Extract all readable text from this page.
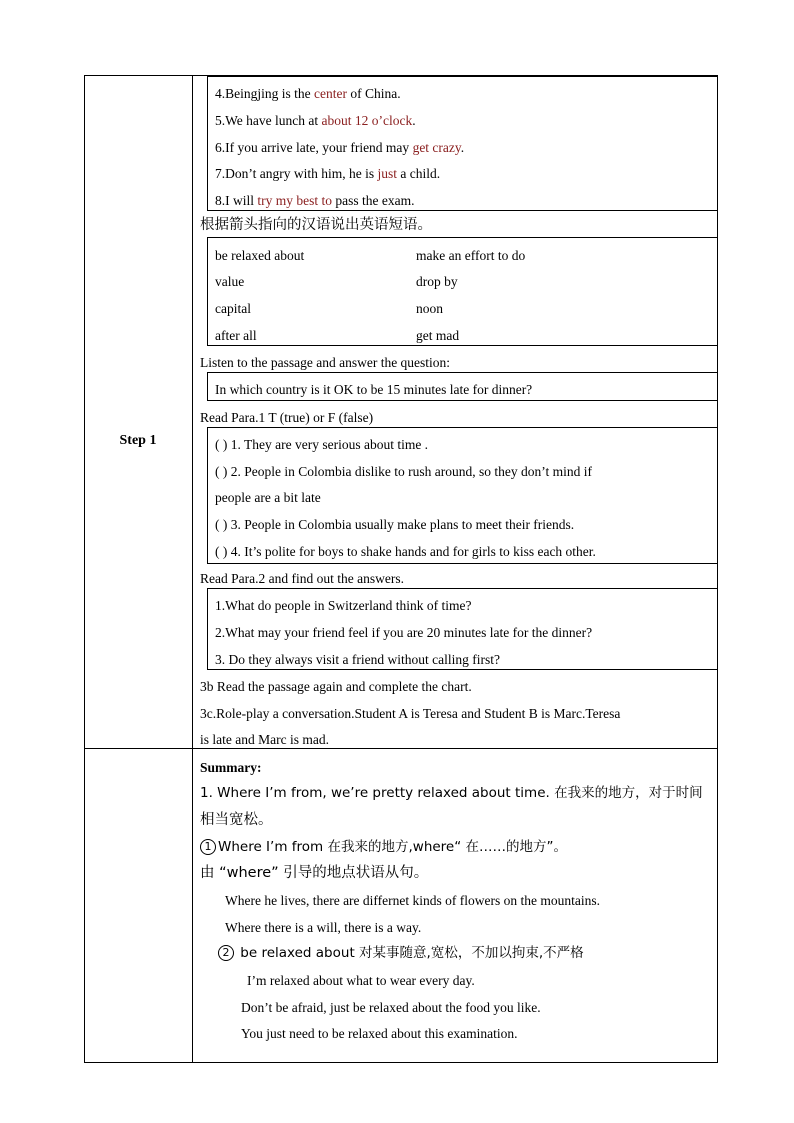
Step 1
4.Beingjing is the center of China.
5.We have lunch at about 12 o’clock.
6.If you arrive late, your friend may get crazy.
7.Don’t angry with him, he is just a child.
8.I will try my best to pass the exam.
根据箭头指向的汉语说出英语短语。
be relaxed about	make an effort to do
value	drop by
capital	noon
after all	get mad
Listen to the passage and answer the question:
In which country is it OK to be 15 minutes late for dinner?
Read Para.1 T (true) or F (false)
( ) 1. They are very serious about time .
( ) 2. People in Colombia dislike to rush around, so they don’t mind if
people are a bit late
( ) 3. People in Colombia usually make plans to meet their friends.
( ) 4. It’s polite for boys to shake hands and for girls to kiss each other.
Read Para.2 and find out the answers.
1.What do people in Switzerland think of time?
2.What may your friend feel if you are 20 minutes late for the dinner?
3. Do they always visit a friend without calling first?
3b Read the passage again and complete the chart.
3c.Role-play a conversation.Student A is Teresa and Student B is Marc.Teresa
is late and Marc is mad.
Summary:
1. Where I’m from, we’re pretty relaxed about time. 在我来的地方，对于时间
相当宽松。
1 Where I’m from 在我来的地方,where“ 在……的地方”。
由 “where” 引导的地点状语从句。
Where he lives, there are differnet kinds of flowers on the mountains.
Where there is a will, there is a way.
2 be relaxed about 对某事随意,宽松，不加以拘束,不严格
I’m relaxed about what to wear every day.
Don’t be afraid, just be relaxed about the food you like.
You just need to be relaxed about this examination.
